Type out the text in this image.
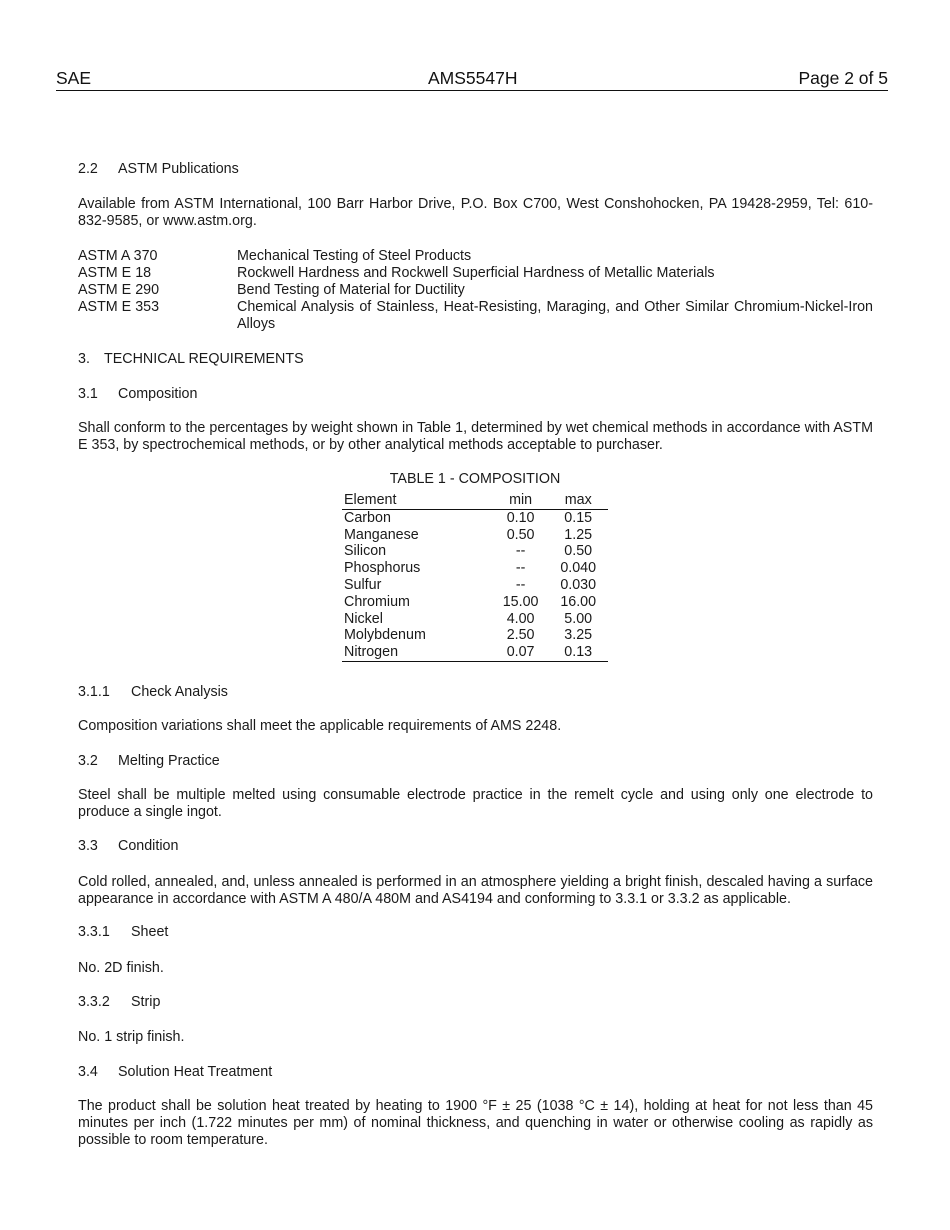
SAE	AMS5547H	Page 2 of 5
2.2 ASTM Publications
Available from ASTM International, 100 Barr Harbor Drive, P.O. Box C700, West Conshohocken, PA 19428-2959, Tel: 610-832-9585, or www.astm.org.
ASTM A 370	Mechanical Testing of Steel Products
ASTM E 18	Rockwell Hardness and Rockwell Superficial Hardness of Metallic Materials
ASTM E 290	Bend Testing of Material for Ductility
ASTM E 353	Chemical Analysis of Stainless, Heat-Resisting, Maraging, and Other Similar Chromium-Nickel-Iron Alloys
3. TECHNICAL REQUIREMENTS
3.1 Composition
Shall conform to the percentages by weight shown in Table 1, determined by wet chemical methods in accordance with ASTM E 353, by spectrochemical methods, or by other analytical methods acceptable to purchaser.
TABLE 1 - COMPOSITION
Element	min	max
Carbon	0.10	0.15
Manganese	0.50	1.25
Silicon	--	0.50
Phosphorus	--	0.040
Sulfur	--	0.030
Chromium	15.00	16.00
Nickel	4.00	5.00
Molybdenum	2.50	3.25
Nitrogen	0.07	0.13
3.1.1 Check Analysis
Composition variations shall meet the applicable requirements of AMS 2248.
3.2 Melting Practice
Steel shall be multiple melted using consumable electrode practice in the remelt cycle and using only one electrode to produce a single ingot.
3.3 Condition
Cold rolled, annealed, and, unless annealed is performed in an atmosphere yielding a bright finish, descaled having a surface appearance in accordance with ASTM A 480/A 480M and AS4194 and conforming to 3.3.1 or 3.3.2 as applicable.
3.3.1 Sheet
No. 2D finish.
3.3.2 Strip
No. 1 strip finish.
3.4 Solution Heat Treatment
The product shall be solution heat treated by heating to 1900 °F ± 25 (1038 °C ± 14), holding at heat for not less than 45 minutes per inch (1.722 minutes per mm) of nominal thickness, and quenching in water or otherwise cooling as rapidly as possible to room temperature.
